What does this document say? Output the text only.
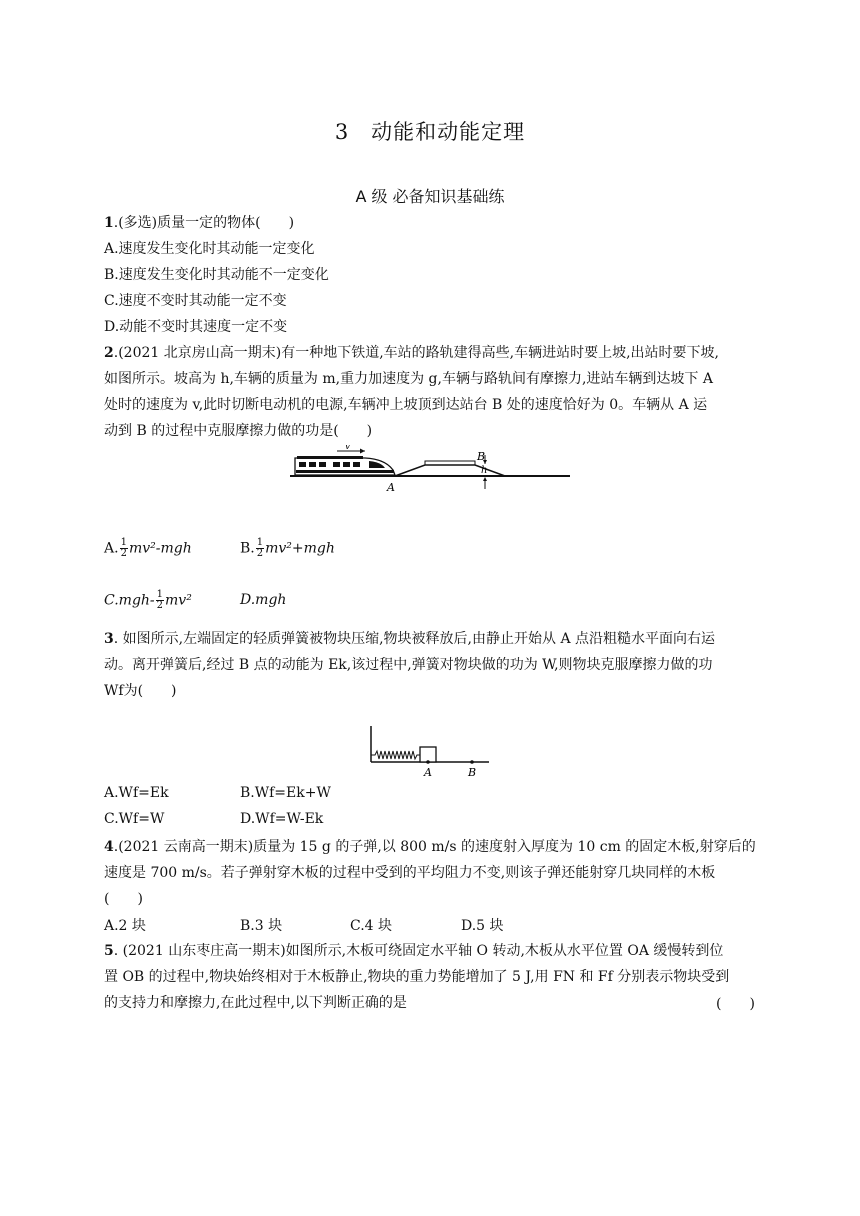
3　动能和动能定理
A 级 必备知识基础练
1.(多选)质量一定的物体(　　)
A.速度发生变化时其动能一定变化
B.速度发生变化时其动能不一定变化
C.速度不变时其动能一定不变
D.动能不变时其速度一定不变
2.(2021 北京房山高一期末)有一种地下铁道,车站的路轨建得高些,车辆进站时要上坡,出站时要下坡,
如图所示。坡高为 h,车辆的质量为 m,重力加速度为 g,车辆与路轨间有摩擦力,进站车辆到达坡下 A
处时的速度为 v,此时切断电动机的电源,车辆冲上坡顶到达站台 B 处的速度恰好为 0。车辆从 A 运
动到 B 的过程中克服摩擦力做的功是(　　)
v
B
h
A
A. $\frac{1}{2} mv^2-mgh$	B. $\frac{1}{2} mv^2+mgh$
$C.mgh- \frac{1}{2} mv^2$	D.mgh
3. 如图所示,左端固定的轻质弹簧被物块压缩,物块被释放后,由静止开始从 A 点沿粗糙水平面向右运
动。离开弹簧后,经过 B 点的动能为 Ek,该过程中,弹簧对物块做的功为 W,则物块克服摩擦力做的功
Wf为(　　)
A	B
A.Wf=Ek	B.Wf=Ek+W
C.Wf=W	D.Wf=W-Ek
4.(2021 云南高一期末)质量为 15 g 的子弹,以 800 m/s 的速度射入厚度为 10 cm 的固定木板,射穿后的
速度是 700 m/s。若子弹射穿木板的过程中受到的平均阻力不变,则该子弹还能射穿几块同样的木板
(　　)
A.2 块	B.3 块	C.4 块	D.5 块
5. (2021 山东枣庄高一期末)如图所示,木板可绕固定水平轴 O 转动,木板从水平位置 OA 缓慢转到位
置 OB 的过程中,物块始终相对于木板静止,物块的重力势能增加了 5 J,用 FN 和 Ff 分别表示物块受到
的支持力和摩擦力,在此过程中,以下判断正确的是	(　　)
